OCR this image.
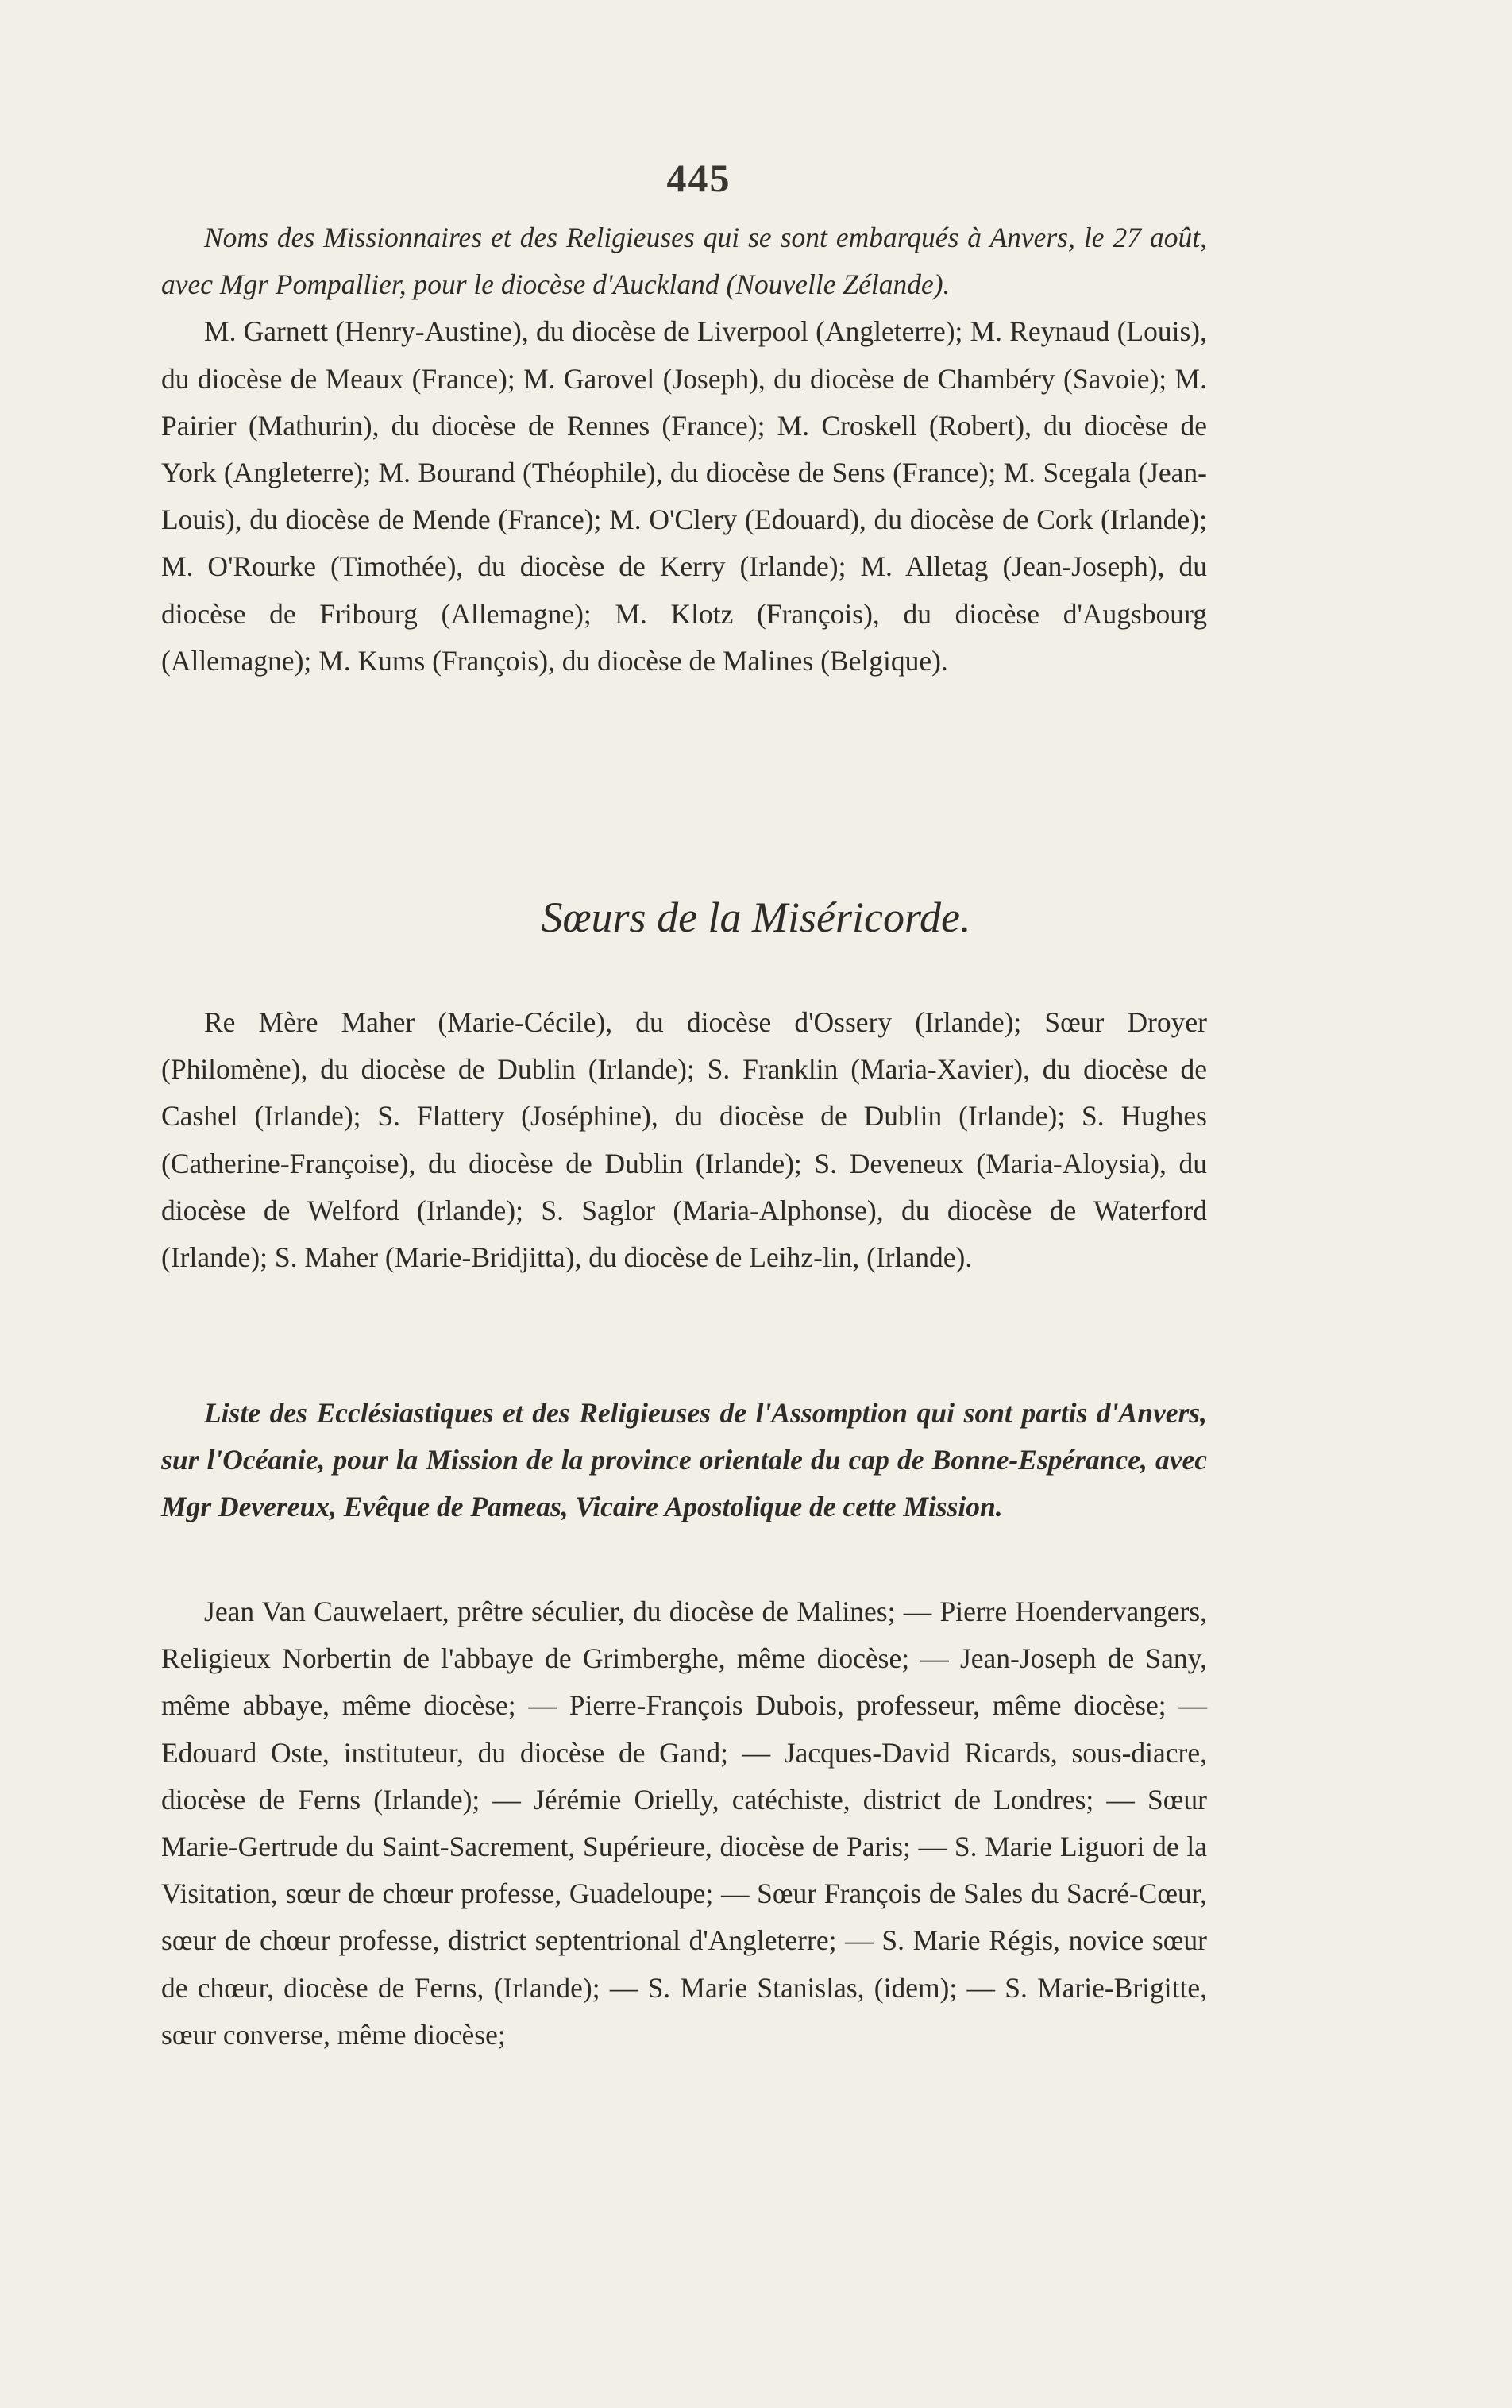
445

Noms des Missionnaires et des Religieuses qui se sont embarqués à Anvers, le 27 août, avec Mgr Pompallier, pour le diocèse d'Auckland (Nouvelle Zélande).

M. Garnett (Henry-Austine), du diocèse de Liverpool (Angleterre); M. Reynaud (Louis), du diocèse de Meaux (France); M. Garovel (Joseph), du diocèse de Chambéry (Savoie); M. Pairier (Mathurin), du diocèse de Rennes (France); M. Croskell (Robert), du diocèse de York (Angleterre); M. Bourand (Théophile), du diocèse de Sens (France); M. Scegala (Jean-Louis), du diocèse de Mende (France); M. O'Clery (Edouard), du diocèse de Cork (Irlande); M. O'Rourke (Timothée), du diocèse de Kerry (Irlande); M. Alletag (Jean-Joseph), du diocèse de Fribourg (Allemagne); M. Klotz (François), du diocèse d'Augsbourg (Allemagne); M. Kums (François), du diocèse de Malines (Belgique).

Sœurs de la Miséricorde.

Re Mère Maher (Marie-Cécile), du diocèse d'Ossery (Irlande); Sœur Droyer (Philomène), du diocèse de Dublin (Irlande); S. Franklin (Maria-Xavier), du diocèse de Cashel (Irlande); S. Flattery (Joséphine), du diocèse de Dublin (Irlande); S. Hughes (Catherine-Françoise), du diocèse de Dublin (Irlande); S. Deveneux (Maria-Aloysia), du diocèse de Welford (Irlande); S. Saglor (Maria-Alphonse), du diocèse de Waterford (Irlande); S. Maher (Marie-Bridjitta), du diocèse de Leihz-lin, (Irlande).

Liste des Ecclésiastiques et des Religieuses de l'Assomption qui sont partis d'Anvers, sur l'Océanie, pour la Mission de la province orientale du cap de Bonne-Espérance, avec Mgr Devereux, Evêque de Pameas, Vicaire Apostolique de cette Mission.

Jean Van Cauwelaert, prêtre séculier, du diocèse de Malines; — Pierre Hoendervangers, Religieux Norbertin de l'abbaye de Grimberghe, même diocèse; — Jean-Joseph de Sany, même abbaye, même diocèse; — Pierre-François Dubois, professeur, même diocèse; — Edouard Oste, instituteur, du diocèse de Gand; — Jacques-David Ricards, sous-diacre, diocèse de Ferns (Irlande); — Jérémie Orielly, catéchiste, district de Londres; — Sœur Marie-Gertrude du Saint-Sacrement, Supérieure, diocèse de Paris; — S. Marie Liguori de la Visitation, sœur de chœur professe, Guadeloupe; — Sœur François de Sales du Sacré-Cœur, sœur de chœur professe, district septentrional d'Angleterre; — S. Marie Régis, novice sœur de chœur, diocèse de Ferns, (Irlande); — S. Marie Stanislas, (idem); — S. Marie-Brigitte, sœur converse, même diocèse;
